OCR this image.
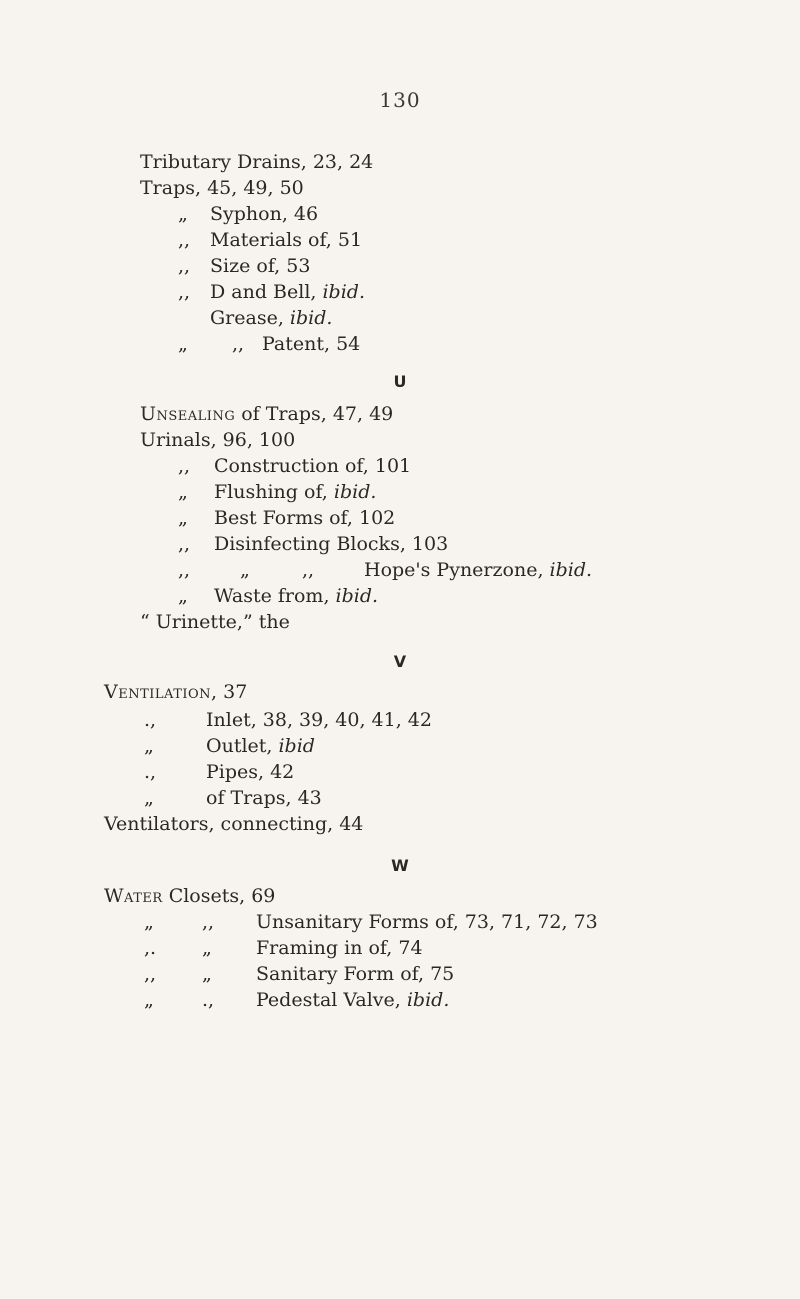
130
Tributary Drains, 23, 24
Traps, 45, 49, 50
„ Syphon, 46
,, Materials of, 51
,, Size of, 53
,, D and Bell, ibid.
Grease, ibid.
„ ,, Patent, 54
U
Unsealing of Traps, 47, 49
Urinals, 96, 100
,, Construction of, 101
„ Flushing of, ibid.
„ Best Forms of, 102
,, Disinfecting Blocks, 103
,,	„	,,	Hope's Pynerzone, ibid.
„ Waste from, ibid.
“ Urinette,” the
V
Ventilation, 37
.,	Inlet, 38, 39, 40, 41, 42
„	Outlet, ibid
.,	Pipes, 42
„	of Traps, 43
Ventilators, connecting, 44
W
Water Closets, 69
„	,, Unsanitary Forms of, 73, 71, 72, 73
,. „ Framing in of, 74
,, „ Sanitary Form of, 75
„	., Pedestal Valve, ibid.
